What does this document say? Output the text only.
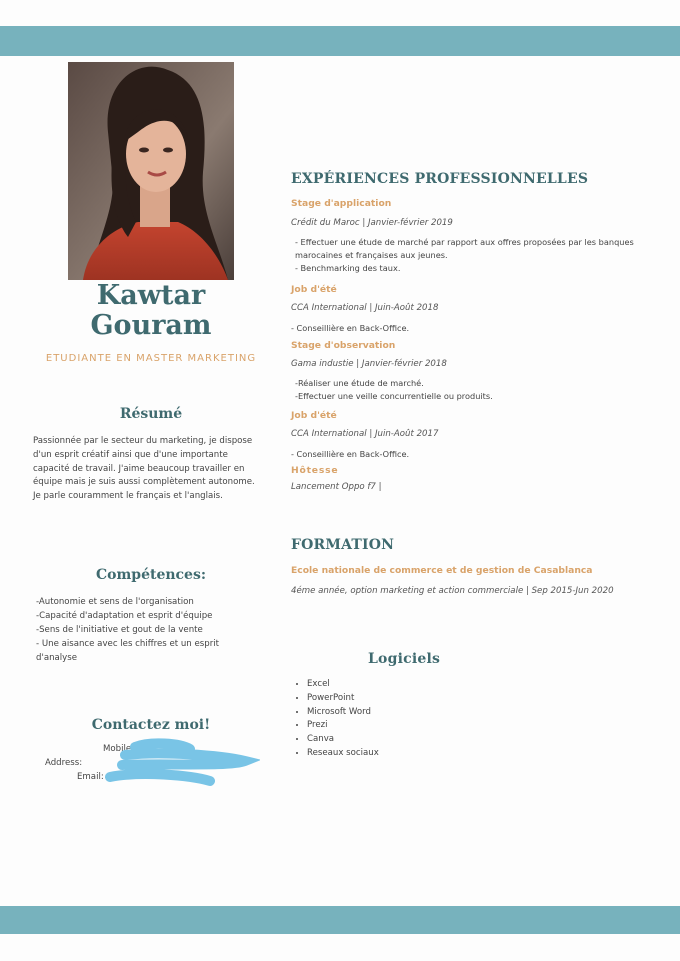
Kawtar
Gouram
ETUDIANTE EN MASTER MARKETING
Résumé
Passionnée par le secteur du marketing, je dispose
d'un esprit créatif ainsi que d'une importante
capacité de travail. J'aime beaucoup travailler en
équipe mais je suis aussi complètement autonome.
Je parle couramment le français et l'anglais.
Compétences:
-Autonomie et sens de l'organisation
-Capacité d'adaptation et esprit d'équipe
-Sens de l'initiative et gout de la vente
- Une aisance avec les chiffres et un esprit
d'analyse
Contactez moi!
Mobile:
Address:
Email:
EXPÉRIENCES PROFESSIONNELLES
Stage d'application
Crédit du Maroc | Janvier-février 2019
- Effectuer une étude de marché par rapport aux offres proposées par les banques
marocaines et françaises aux jeunes.
- Benchmarking des taux.
Job d'été
CCA International | Juin-Août 2018
- Conseillière en Back-Office.
Stage d'observation
Gama industie | Janvier-février 2018
-Réaliser une étude de marché.
-Effectuer une veille concurrentielle ou produits.
Job d'été
CCA International | Juin-Août 2017
- Conseillière en Back-Office.
Hôtesse
Lancement Oppo f7 |
FORMATION
Ecole nationale de commerce et de gestion de Casablanca
4éme année, option marketing et action commerciale | Sep 2015-Jun 2020
Logiciels
• Excel
• PowerPoint
• Microsoft Word
• Prezi
• Canva
• Reseaux sociaux
